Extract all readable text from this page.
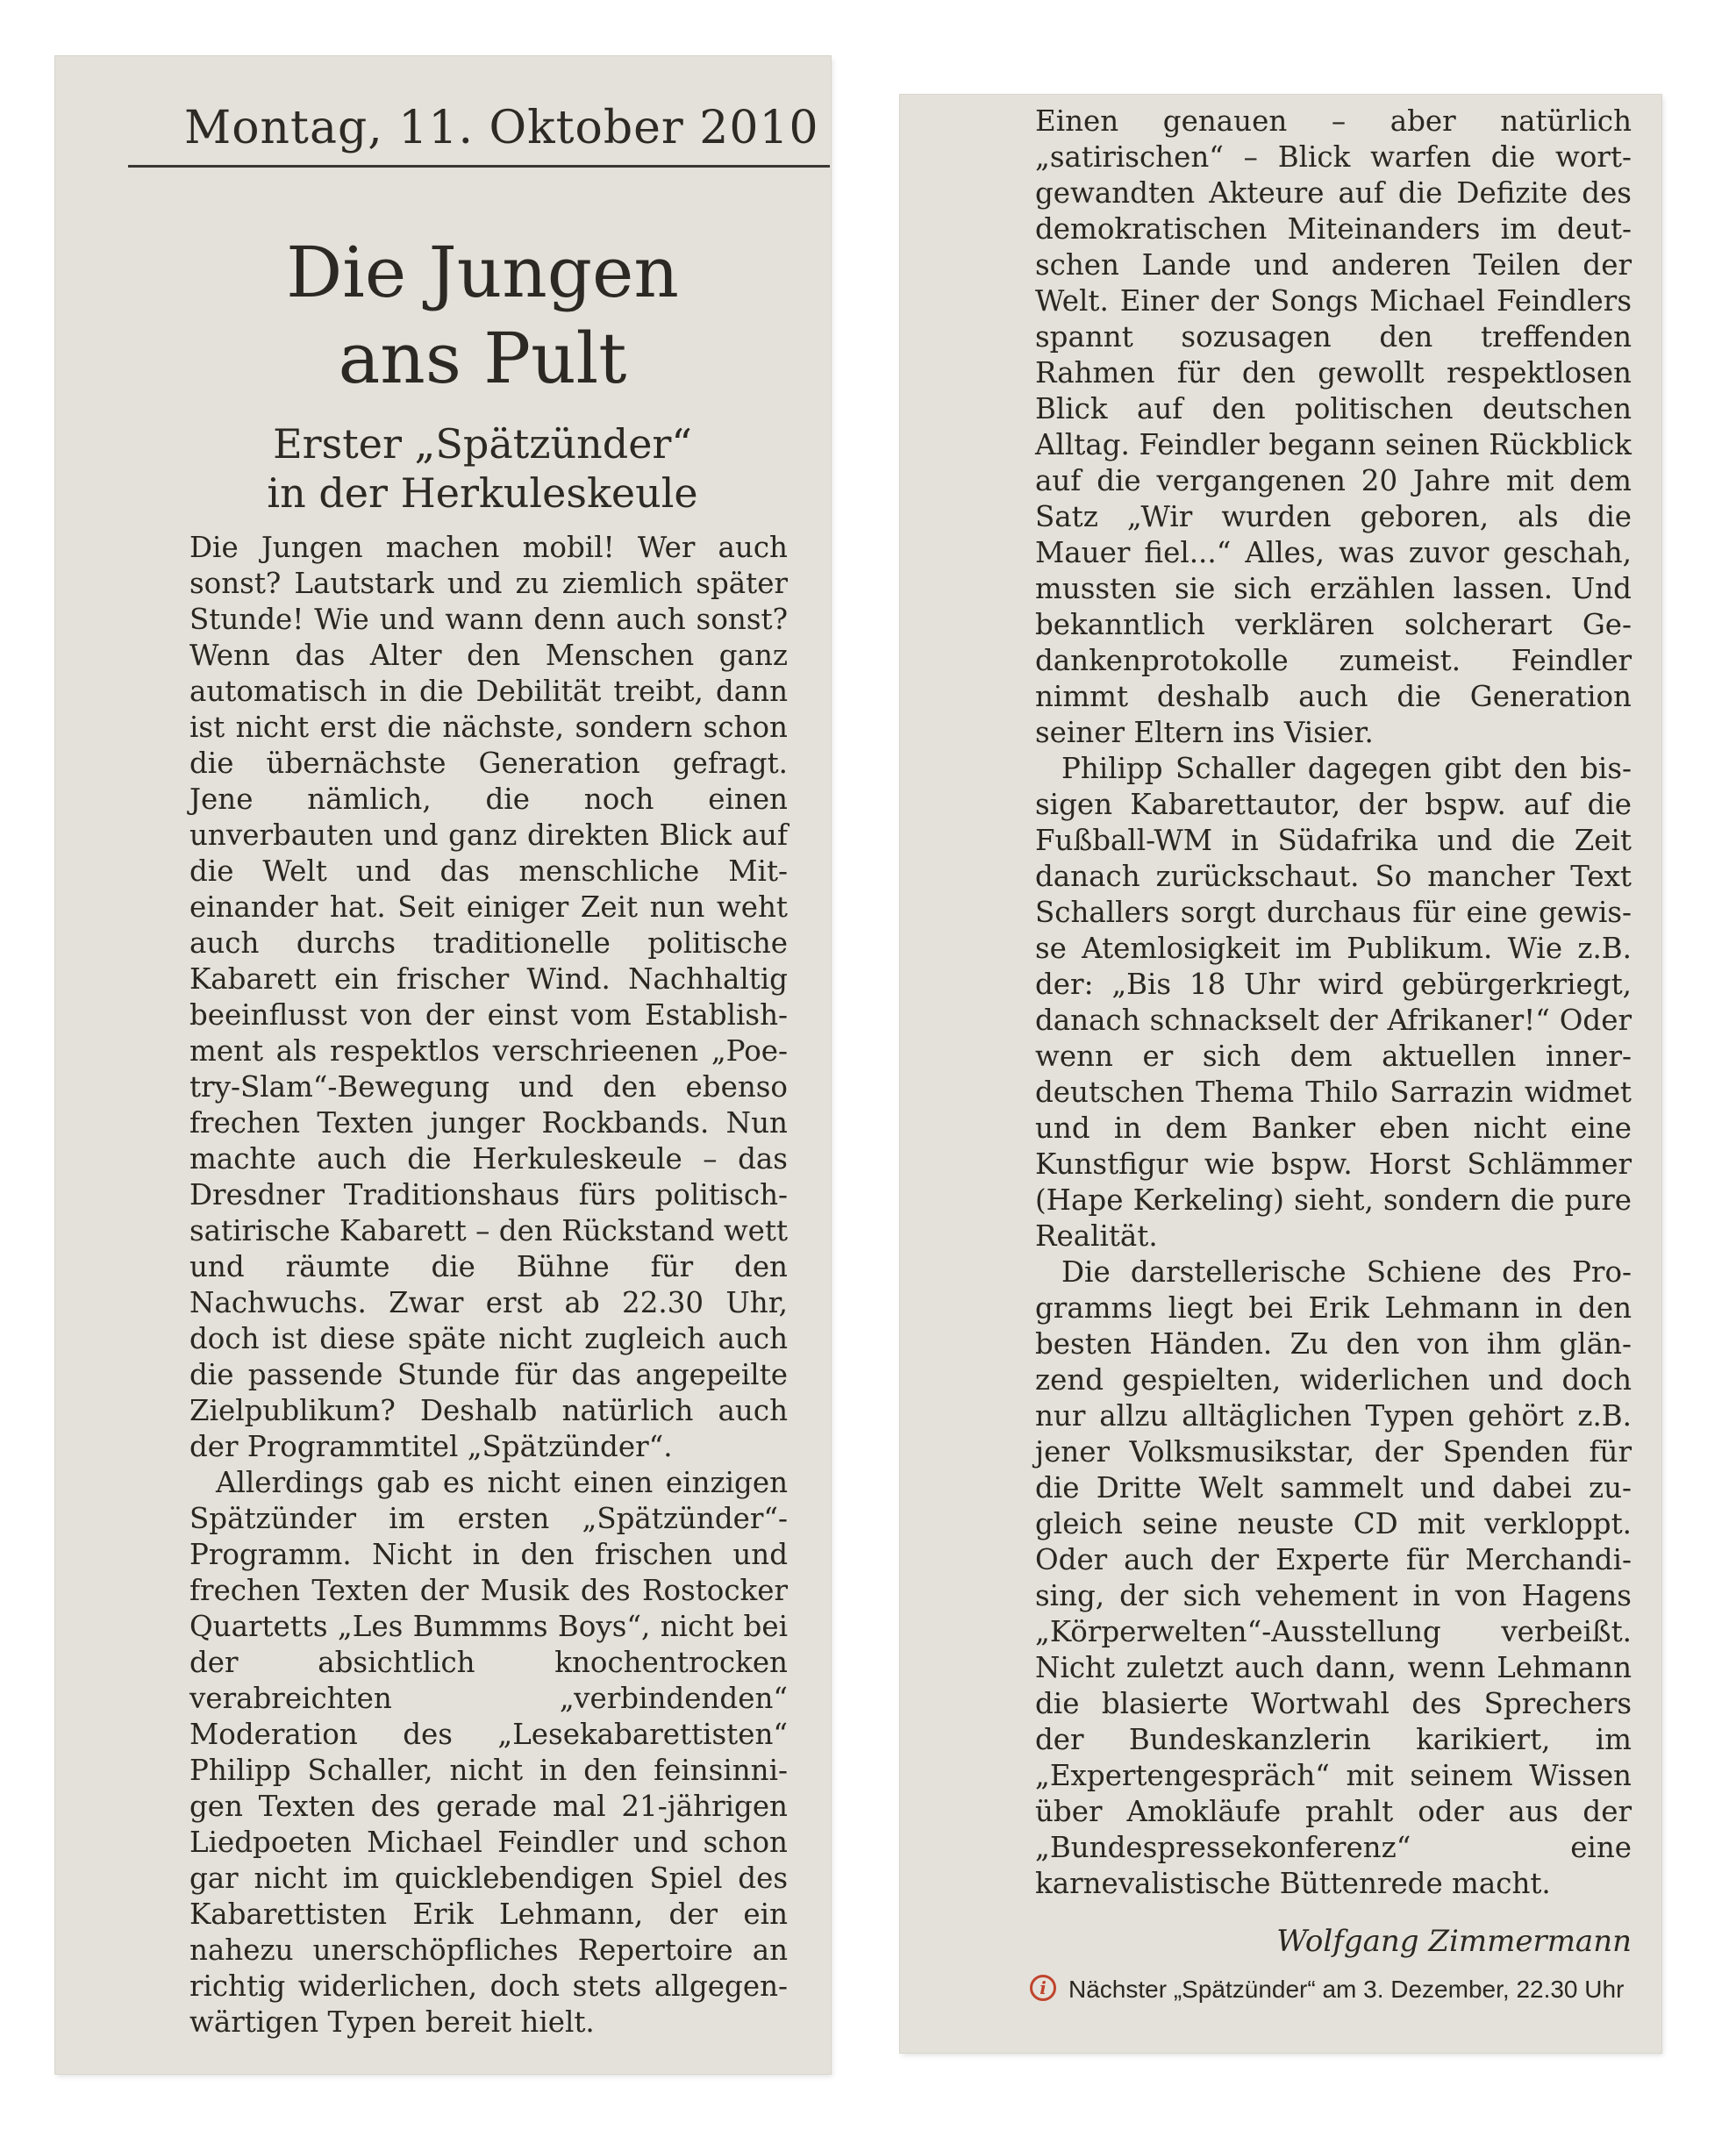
Montag, 11. Oktober 2010
Die Jungen
ans Pult
Erster „Spätzünder“
in der Herkuleskeule

Die Jungen machen mobil! Wer auch sonst? Lautstark und zu ziemlich später Stunde! Wie und wann denn auch sonst? Wenn das Alter den Menschen ganz automatisch in die Debilität treibt, dann ist nicht erst die nächste, sondern schon die übernächste Generation gefragt. Jene nämlich, die noch einen unverbauten und ganz direkten Blick auf die Welt und das menschliche Miteinander hat. Seit einiger Zeit nun weht auch durchs traditionelle politische Kabarett ein frischer Wind. Nachhaltig beeinflusst von der einst vom Establishment als respektlos verschrieenen „Poetry-Slam“-Bewegung und den ebenso frechen Texten junger Rockbands. Nun machte auch die Herkuleskeule – das Dresdner Traditionshaus fürs politischsatirische Kabarett – den Rückstand wett und räumte die Bühne für den Nachwuchs. Zwar erst ab 22.30 Uhr, doch ist diese späte nicht zugleich auch die passende Stunde für das angepeilte Zielpublikum? Deshalb natürlich auch der Programmtitel „Spätzünder“.

Allerdings gab es nicht einen einzigen Spätzünder im ersten „Spätzünder“-Programm. Nicht in den frischen und frechen Texten der Musik des Rostocker Quartetts „Les Bummms Boys“, nicht bei der absichtlich knochentrocken verabreichten „verbindenden“ Moderation des „Lesekabarettisten“ Philipp Schaller, nicht in den feinsinnigen Texten des gerade mal 21-jährigen Liedpoeten Michael Feindler und schon gar nicht im quicklebendigen Spiel des Kabarettisten Erik Lehmann, der ein nahezu unerschöpfliches Repertoire an richtig widerlichen, doch stets allgegenwärtigen Typen bereit hielt.

Einen genauen – aber natürlich „satirischen“ – Blick warfen die wortgewandten Akteure auf die Defizite des demokratischen Miteinanders im deutschen Lande und anderen Teilen der Welt. Einer der Songs Michael Feindlers spannt sozusagen den treffenden Rahmen für den gewollt respektlosen Blick auf den politischen deutschen Alltag. Feindler begann seinen Rückblick auf die vergangenen 20 Jahre mit dem Satz „Wir wurden geboren, als die Mauer fiel...“ Alles, was zuvor geschah, mussten sie sich erzählen lassen. Und bekanntlich verklären solcherart Gedankenprotokolle zumeist. Feindler nimmt deshalb auch die Generation seiner Eltern ins Visier.

Philipp Schaller dagegen gibt den bissigen Kabarettautor, der bspw. auf die Fußball-WM in Südafrika und die Zeit danach zurückschaut. So mancher Text Schallers sorgt durchaus für eine gewisse Atemlosigkeit im Publikum. Wie z.B. der: „Bis 18 Uhr wird gebürgerkriegt, danach schnackselt der Afrikaner!“ Oder wenn er sich dem aktuellen innerdeutschen Thema Thilo Sarrazin widmet und in dem Banker eben nicht eine Kunstfigur wie bspw. Horst Schlämmer (Hape Kerkeling) sieht, sondern die pure Realität.

Die darstellerische Schiene des Programms liegt bei Erik Lehmann in den besten Händen. Zu den von ihm glänzend gespielten, widerlichen und doch nur allzu alltäglichen Typen gehört z.B. jener Volksmusikstar, der Spenden für die Dritte Welt sammelt und dabei zugleich seine neuste CD mit verkloppt. Oder auch der Experte für Merchandising, der sich vehement in von Hagens „Körperwelten“-Ausstellung verbeißt. Nicht zuletzt auch dann, wenn Lehmann die blasierte Wortwahl des Sprechers der Bundeskanzlerin karikiert, im „Expertengespräch“ mit seinem Wissen über Amokläufe prahlt oder aus der „Bundespressekonferenz“ eine karnevalistische Büttenrede macht.

Wolfgang Zimmermann
i Nächster „Spätzünder“ am 3. Dezember, 22.30 Uhr
